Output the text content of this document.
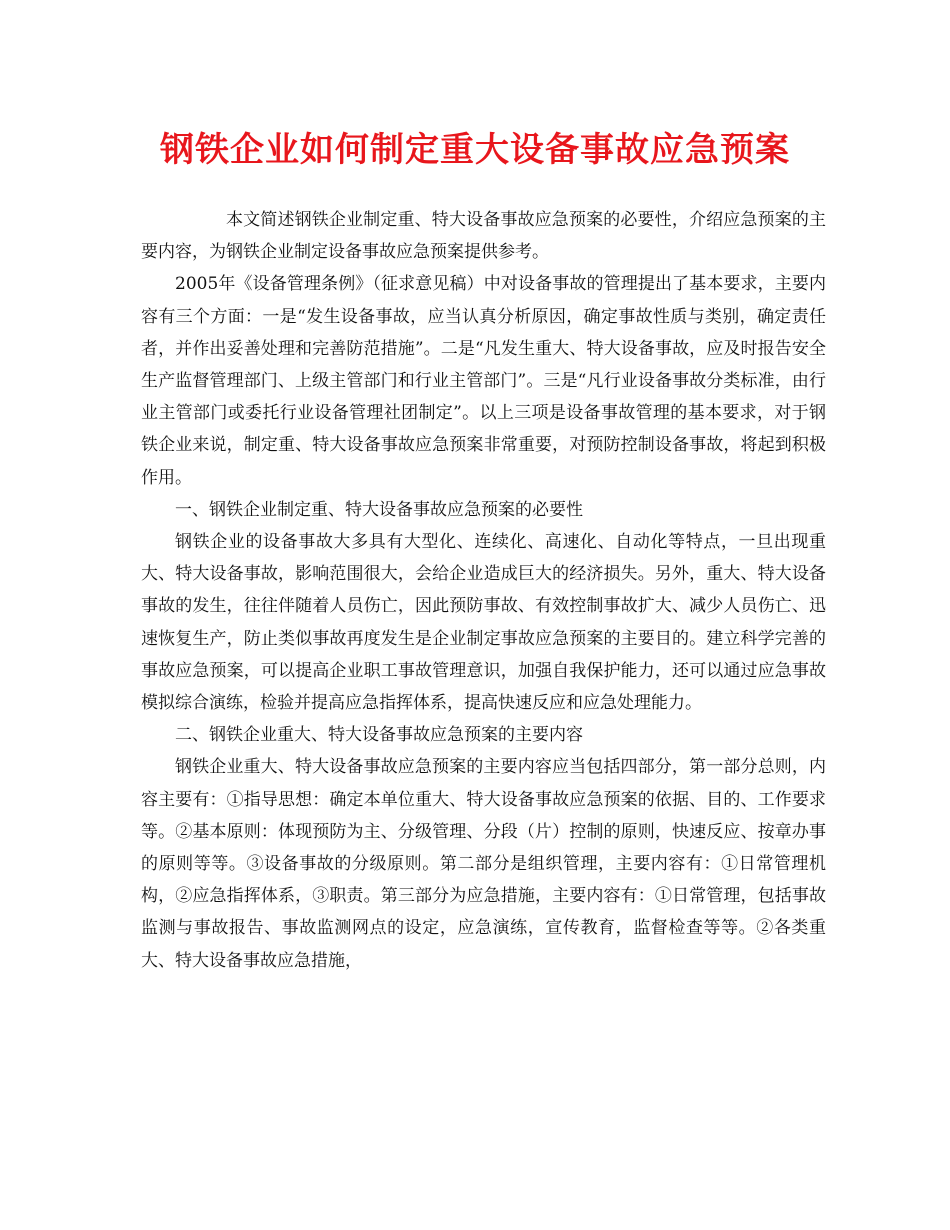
钢铁企业如何制定重大设备事故应急预案

本文简述钢铁企业制定重、特大设备事故应急预案的必要性，介绍应急预案的主要内容，为钢铁企业制定设备事故应急预案提供参考。

2005年《设备管理条例》（征求意见稿）中对设备事故的管理提出了基本要求，主要内容有三个方面：一是“发生设备事故，应当认真分析原因，确定事故性质与类别，确定责任者，并作出妥善处理和完善防范措施”。二是“凡发生重大、特大设备事故，应及时报告安全生产监督管理部门、上级主管部门和行业主管部门”。三是“凡行业设备事故分类标准，由行业主管部门或委托行业设备管理社团制定”。以上三项是设备事故管理的基本要求，对于钢铁企业来说，制定重、特大设备事故应急预案非常重要，对预防控制设备事故，将起到积极作用。

一、钢铁企业制定重、特大设备事故应急预案的必要性

钢铁企业的设备事故大多具有大型化、连续化、高速化、自动化等特点，一旦出现重大、特大设备事故，影响范围很大，会给企业造成巨大的经济损失。另外，重大、特大设备事故的发生，往往伴随着人员伤亡，因此预防事故、有效控制事故扩大、减少人员伤亡、迅速恢复生产，防止类似事故再度发生是企业制定事故应急预案的主要目的。建立科学完善的事故应急预案，可以提高企业职工事故管理意识，加强自我保护能力，还可以通过应急事故模拟综合演练，检验并提高应急指挥体系，提高快速反应和应急处理能力。

二、钢铁企业重大、特大设备事故应急预案的主要内容

钢铁企业重大、特大设备事故应急预案的主要内容应当包括四部分，第一部分总则，内容主要有：①指导思想：确定本单位重大、特大设备事故应急预案的依据、目的、工作要求等。②基本原则：体现预防为主、分级管理、分段（片）控制的原则，快速反应、按章办事的原则等等。③设备事故的分级原则。第二部分是组织管理，主要内容有：①日常管理机构，②应急指挥体系，③职责。第三部分为应急措施，主要内容有：①日常管理，包括事故监测与事故报告、事故监测网点的设定，应急演练，宣传教育，监督检查等等。②各类重大、特大设备事故应急措施，
